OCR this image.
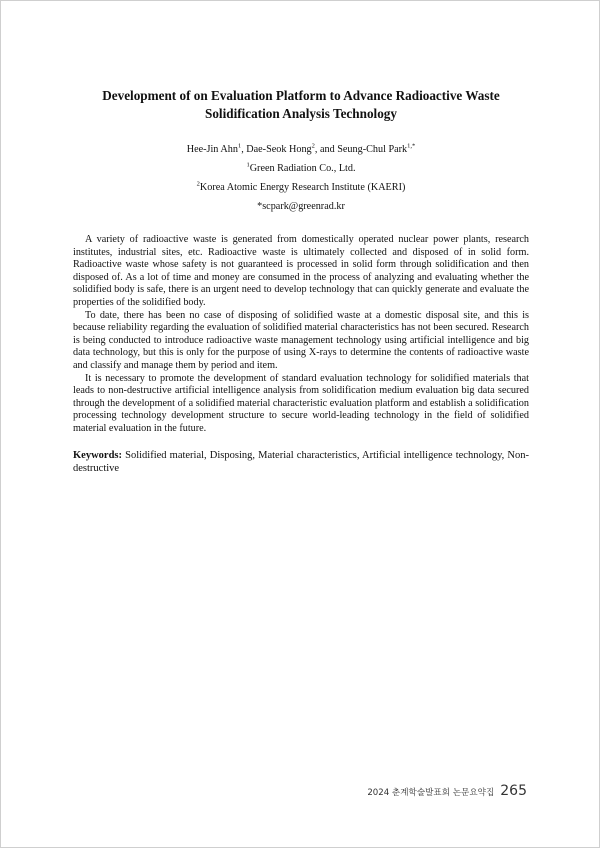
Development of on Evaluation Platform to Advance Radioactive Waste
Solidification Analysis Technology
Hee-Jin Ahn$^1$, Dae-Seok Hong$^2$, and Seung-Chul Park$^{1,*}$
$^1$Green Radiation Co., Ltd.
$^2$Korea Atomic Energy Research Institute (KAERI)
*scpark@greenrad.kr

A variety of radioactive waste is generated from domestically operated nuclear power plants, research institutes, industrial sites, etc. Radioactive waste is ultimately collected and disposed of in solid form. Radioactive waste whose safety is not guaranteed is processed in solid form through solidification and then disposed of. As a lot of time and money are consumed in the process of analyzing and evaluating whether the solidified body is safe, there is an urgent need to develop technology that can quickly generate and evaluate the properties of the solidified body.

To date, there has been no case of disposing of solidified waste at a domestic disposal site, and this is because reliability regarding the evaluation of solidified material characteristics has not been secured. Research is being conducted to introduce radioactive waste management technology using artificial intelligence and big data technology, but this is only for the purpose of using X-rays to determine the contents of radioactive waste and classify and manage them by period and item.

It is necessary to promote the development of standard evaluation technology for solidified materials that leads to non-destructive artificial intelligence analysis from solidification medium evaluation big data secured through the development of a solidified material characteristic evaluation platform and establish a solidification processing technology development structure to secure world-leading technology in the field of solidified material evaluation in the future.

Keywords: Solidified material, Disposing, Material characteristics, Artificial intelligence technology, Non-destructive
2024 춘계학술발표회 논문요약집 265
